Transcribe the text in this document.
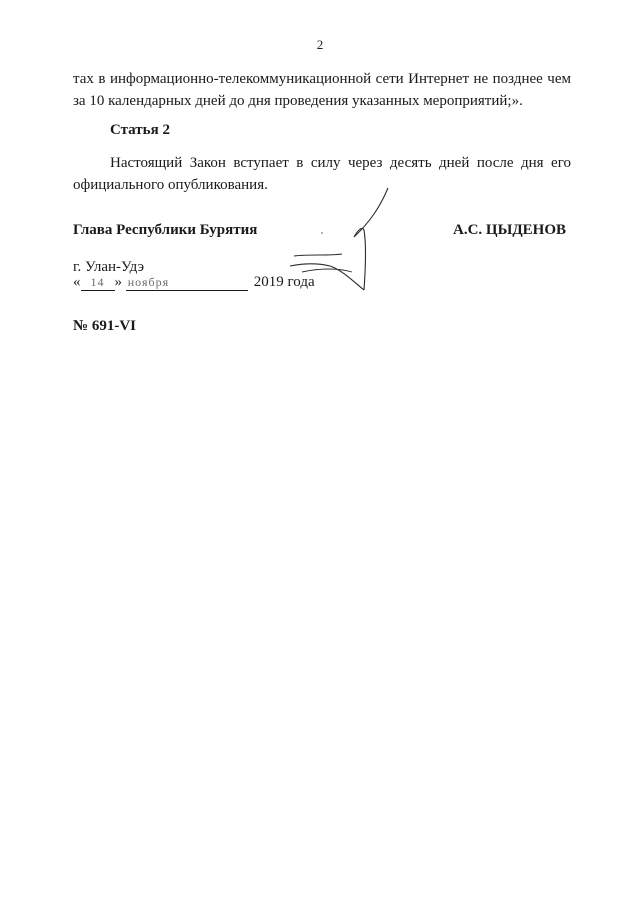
2

тах в информационно-телекоммуникационной сети Интернет не позднее чем за 10 календарных дней до дня проведения указанных мероприятий;».

Статья 2

Настоящий Закон вступает в силу через десять дней после дня его официального опубликования.

Глава Республики Бурятия	А.С. ЦЫДЕНОВ
г. Улан-Удэ
« 14 » ноября	2019 года
№ 691-VI
